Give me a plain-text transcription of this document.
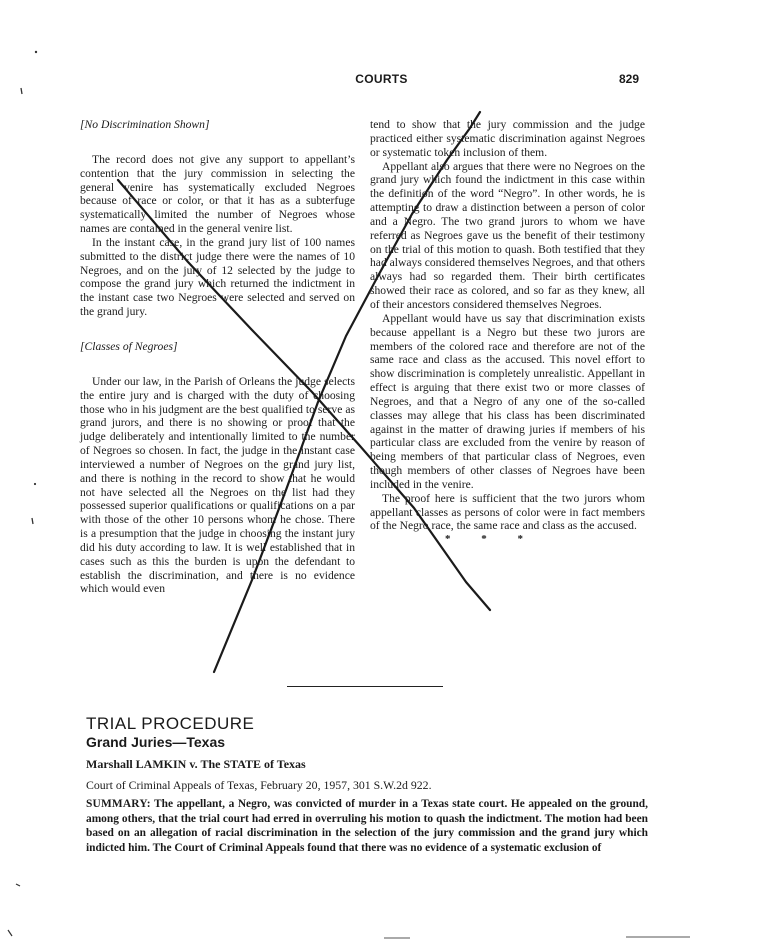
COURTS	829

[No Discrimination Shown]

The record does not give any support to appellant’s contention that the jury commission in selecting the general venire has systematically excluded Negroes because of race or color, or that it has as a subterfuge systematically limited the number of Negroes whose names are contained in the general venire list.

In the instant case, in the grand jury list of 100 names submitted to the district judge there were the names of 10 Negroes, and on the jury of 12 selected by the judge to compose the grand jury which returned the indictment in the instant case two Negroes were selected and served on the grand jury.

[Classes of Negroes]

Under our law, in the Parish of Orleans the judge selects the entire jury and is charged with the duty of choosing those who in his judgment are the best qualified to serve as grand jurors, and there is no showing or proof that the judge deliberately and intentionally limited to the number of Negroes so chosen. In fact, the judge in the instant case interviewed a number of Negroes on the grand jury list, and there is nothing in the record to show that he would not have selected all the Negroes on the list had they possessed superior qualifications or qualifications on a par with those of the other 10 persons whom he chose. There is a presumption that the judge in choosing the instant jury did his duty according to law. It is well established that in cases such as this the burden is upon the defendant to establish the discrimination, and there is no evidence which would even

tend to show that the jury commission and the judge practiced either systematic discrimination against Negroes or systematic token inclusion of them.

Appellant also argues that there were no Negroes on the grand jury which found the indictment in this case within the definition of the word “Negro”. In other words, he is attempting to draw a distinction between a person of color and a Negro. The two grand jurors to whom we have referred as Negroes gave us the benefit of their testimony on the trial of this motion to quash. Both testified that they had always considered themselves Negroes, and that others always had so regarded them. Their birth certificates showed their race as colored, and so far as they knew, all of their ancestors considered themselves Negroes.

Appellant would have us say that discrimination exists because appellant is a Negro but these two jurors are members of the colored race and therefore are not of the same race and class as the accused. This novel effort to show discrimination is completely unrealistic. Appellant in effect is arguing that there exist two or more classes of Negroes, and that a Negro of any one of the so-called classes may allege that his class has been discriminated against in the matter of drawing juries if members of his particular class are excluded from the venire by reason of being members of that particular class of Negroes, even though members of other classes of Negroes have been included in the venire.

The proof here is sufficient that the two jurors whom appellant classes as persons of color were in fact members of the Negro race, the same race and class as the accused.

* * *
TRIAL PROCEDURE
Grand Juries—Texas
Marshall LAMKIN v. The STATE of Texas
Court of Criminal Appeals of Texas, February 20, 1957, 301 S.W.2d 922.
SUMMARY: The appellant, a Negro, was convicted of murder in a Texas state court. He appealed on the ground, among others, that the trial court had erred in overruling his motion to quash the indictment. The motion had been based on an allegation of racial discrimination in the selection of the jury commission and the grand jury which indicted him. The Court of Criminal Appeals found that there was no evidence of a systematic exclusion of
